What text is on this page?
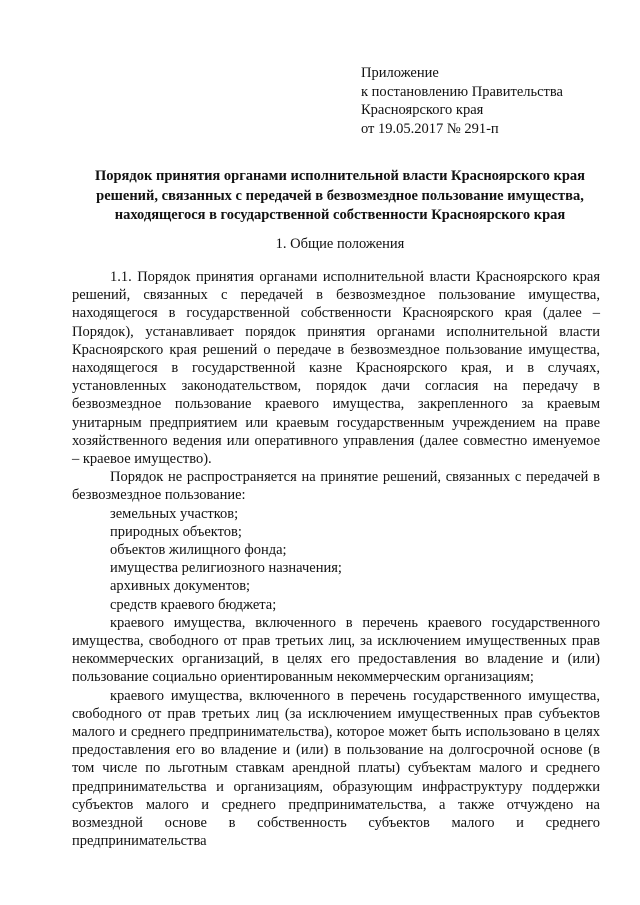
Приложение
к постановлению Правительства
Красноярского края
от 19.05.2017 № 291-п
Порядок принятия органами исполнительной власти Красноярского края
решений, связанных с передачей в безвозмездное пользование имущества,
находящегося в государственной собственности Красноярского края
1. Общие положения

1.1. Порядок принятия органами исполнительной власти Красноярского края решений, связанных с передачей в безвозмездное пользование имущества, находящегося в государственной собственности Красноярского края (далее – Порядок), устанавливает порядок принятия органами исполнительной власти Красноярского края решений о передаче в безвозмездное пользование имущества, находящегося в государственной казне Красноярского края, и в случаях, установленных законодательством, порядок дачи согласия на передачу в безвозмездное пользование краевого имущества, закрепленного за краевым унитарным предприятием или краевым государственным учреждением на праве хозяйственного ведения или оперативного управления (далее совместно именуемое – краевое имущество).

Порядок не распространяется на принятие решений, связанных с передачей в безвозмездное пользование:

земельных участков;
природных объектов;
объектов жилищного фонда;
имущества религиозного назначения;
архивных документов;
средств краевого бюджета;

краевого имущества, включенного в перечень краевого государственного имущества, свободного от прав третьих лиц, за исключением имущественных прав некоммерческих организаций, в целях его предоставления во владение и (или) пользование социально ориентированным некоммерческим организациям;

краевого имущества, включенного в перечень государственного имущества, свободного от прав третьих лиц (за исключением имущественных прав субъектов малого и среднего предпринимательства), которое может быть использовано в целях предоставления его во владение и (или) в пользование на долгосрочной основе (в том числе по льготным ставкам арендной платы) субъектам малого и среднего предпринимательства и организациям, образующим инфраструктуру поддержки субъектов малого и среднего предпринимательства, а также отчуждено на возмездной основе в собственность субъектов малого и среднего предпринимательства
